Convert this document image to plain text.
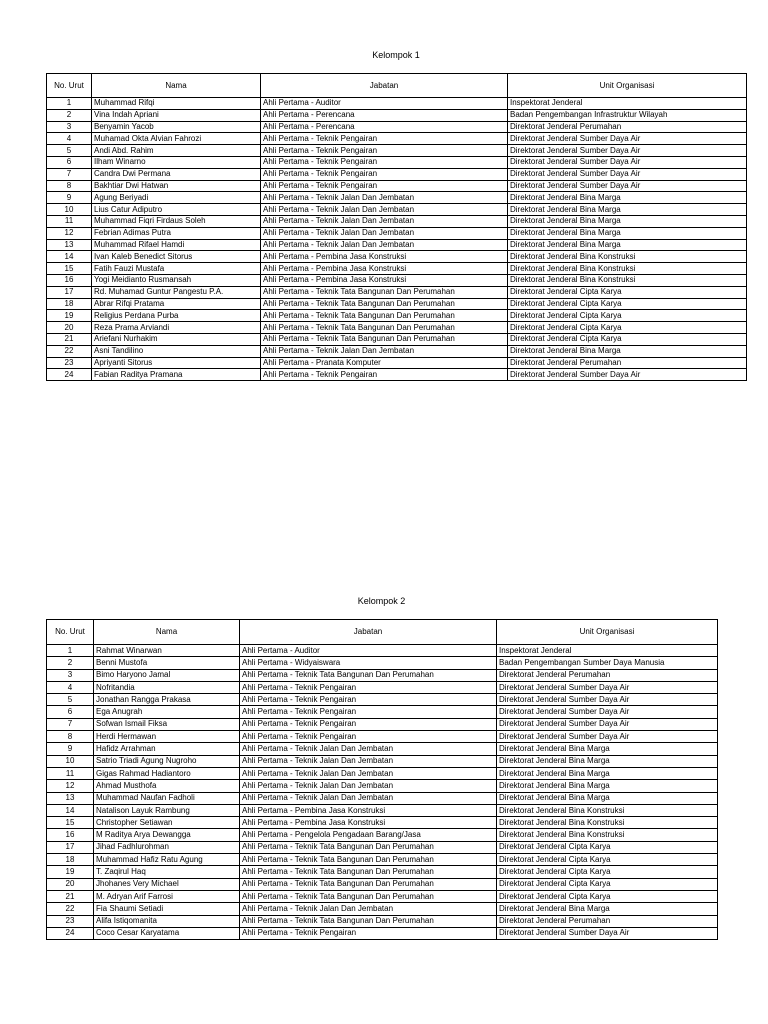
Kelompok 1
No. Urut	Nama	Jabatan	Unit Organisasi
1	Muhammad Rifqi	Ahli Pertama - Auditor	Inspektorat Jenderal
2	Vina Indah Apriani	Ahli Pertama - Perencana	Badan Pengembangan Infrastruktur Wilayah
3	Benyamin Yacob	Ahli Pertama - Perencana	Direktorat Jenderal Perumahan
4	Muhamad Okta Alvian Fahrozi	Ahli Pertama - Teknik Pengairan	Direktorat Jenderal Sumber Daya Air
5	Andi Abd. Rahim	Ahli Pertama - Teknik Pengairan	Direktorat Jenderal Sumber Daya Air
6	Ilham Winarno	Ahli Pertama - Teknik Pengairan	Direktorat Jenderal Sumber Daya Air
7	Candra Dwi Permana	Ahli Pertama - Teknik Pengairan	Direktorat Jenderal Sumber Daya Air
8	Bakhtiar Dwi Hatwan	Ahli Pertama - Teknik Pengairan	Direktorat Jenderal Sumber Daya Air
9	Agung Beriyadi	Ahli Pertama - Teknik Jalan Dan Jembatan	Direktorat Jenderal Bina Marga
10	Lius Catur Adiputro	Ahli Pertama - Teknik Jalan Dan Jembatan	Direktorat Jenderal Bina Marga
11	Muhammad Fiqri Firdaus Soleh	Ahli Pertama - Teknik Jalan Dan Jembatan	Direktorat Jenderal Bina Marga
12	Febrian Adimas Putra	Ahli Pertama - Teknik Jalan Dan Jembatan	Direktorat Jenderal Bina Marga
13	Muhammad Rifael Hamdi	Ahli Pertama - Teknik Jalan Dan Jembatan	Direktorat Jenderal Bina Marga
14	Ivan Kaleb Benedict Sitorus	Ahli Pertama - Pembina Jasa Konstruksi	Direktorat Jenderal Bina Konstruksi
15	Fatih Fauzi Mustafa	Ahli Pertama - Pembina Jasa Konstruksi	Direktorat Jenderal Bina Konstruksi
16	Yogi Meidianto Rusmansah	Ahli Pertama - Pembina Jasa Konstruksi	Direktorat Jenderal Bina Konstruksi
17	Rd. Muhamad Guntur Pangestu P.A.	Ahli Pertama - Teknik Tata Bangunan Dan Perumahan	Direktorat Jenderal Cipta Karya
18	Abrar Rifqi Pratama	Ahli Pertama - Teknik Tata Bangunan Dan Perumahan	Direktorat Jenderal Cipta Karya
19	Religius Perdana Purba	Ahli Pertama - Teknik Tata Bangunan Dan Perumahan	Direktorat Jenderal Cipta Karya
20	Reza Prama Arviandi	Ahli Pertama - Teknik Tata Bangunan Dan Perumahan	Direktorat Jenderal Cipta Karya
21	Ariefani Nurhakim	Ahli Pertama - Teknik Tata Bangunan Dan Perumahan	Direktorat Jenderal Cipta Karya
22	Asni Tandilino	Ahli Pertama - Teknik Jalan Dan Jembatan	Direktorat Jenderal Bina Marga
23	Apriyanti Sitorus	Ahli Pertama - Pranata Komputer	Direktorat Jenderal Perumahan
24	Fabian Raditya Pramana	Ahli Pertama - Teknik Pengairan	Direktorat Jenderal Sumber Daya Air
Kelompok 2
No. Urut	Nama	Jabatan	Unit Organisasi
1	Rahmat Winarwan	Ahli Pertama - Auditor	Inspektorat Jenderal
2	Benni Mustofa	Ahli Pertama - Widyaiswara	Badan Pengembangan Sumber Daya Manusia
3	Bimo Haryono Jamal	Ahli Pertama - Teknik Tata Bangunan Dan Perumahan	Direktorat Jenderal Perumahan
4	Nofritandia	Ahli Pertama - Teknik Pengairan	Direktorat Jenderal Sumber Daya Air
5	Jonathan Rangga Prakasa	Ahli Pertama - Teknik Pengairan	Direktorat Jenderal Sumber Daya Air
6	Ega Anugrah	Ahli Pertama - Teknik Pengairan	Direktorat Jenderal Sumber Daya Air
7	Sofwan Ismail Fiksa	Ahli Pertama - Teknik Pengairan	Direktorat Jenderal Sumber Daya Air
8	Herdi Hermawan	Ahli Pertama - Teknik Pengairan	Direktorat Jenderal Sumber Daya Air
9	Hafidz Arrahman	Ahli Pertama - Teknik Jalan Dan Jembatan	Direktorat Jenderal Bina Marga
10	Satrio Triadi Agung Nugroho	Ahli Pertama - Teknik Jalan Dan Jembatan	Direktorat Jenderal Bina Marga
11	Gigas Rahmad Hadiantoro	Ahli Pertama - Teknik Jalan Dan Jembatan	Direktorat Jenderal Bina Marga
12	Ahmad Musthofa	Ahli Pertama - Teknik Jalan Dan Jembatan	Direktorat Jenderal Bina Marga
13	Muhammad Naufan Fadholi	Ahli Pertama - Teknik Jalan Dan Jembatan	Direktorat Jenderal Bina Marga
14	Natalison Layuk Rambung	Ahli Pertama - Pembina Jasa Konstruksi	Direktorat Jenderal Bina Konstruksi
15	Christopher Setiawan	Ahli Pertama - Pembina Jasa Konstruksi	Direktorat Jenderal Bina Konstruksi
16	M Raditya Arya Dewangga	Ahli Pertama - Pengelola Pengadaan Barang/Jasa	Direktorat Jenderal Bina Konstruksi
17	Jihad Fadhlurohman	Ahli Pertama - Teknik Tata Bangunan Dan Perumahan	Direktorat Jenderal Cipta Karya
18	Muhammad Hafiz Ratu Agung	Ahli Pertama - Teknik Tata Bangunan Dan Perumahan	Direktorat Jenderal Cipta Karya
19	T. Zaqirul Haq	Ahli Pertama - Teknik Tata Bangunan Dan Perumahan	Direktorat Jenderal Cipta Karya
20	Jhohanes Very Michael	Ahli Pertama - Teknik Tata Bangunan Dan Perumahan	Direktorat Jenderal Cipta Karya
21	M. Adryan Arif Farrosi	Ahli Pertama - Teknik Tata Bangunan Dan Perumahan	Direktorat Jenderal Cipta Karya
22	Fia Shaumi Setiadi	Ahli Pertama - Teknik Jalan Dan Jembatan	Direktorat Jenderal Bina Marga
23	Alifa Istiqomanita	Ahli Pertama - Teknik Tata Bangunan Dan Perumahan	Direktorat Jenderal Perumahan
24	Coco Cesar Karyatama	Ahli Pertama - Teknik Pengairan	Direktorat Jenderal Sumber Daya Air
